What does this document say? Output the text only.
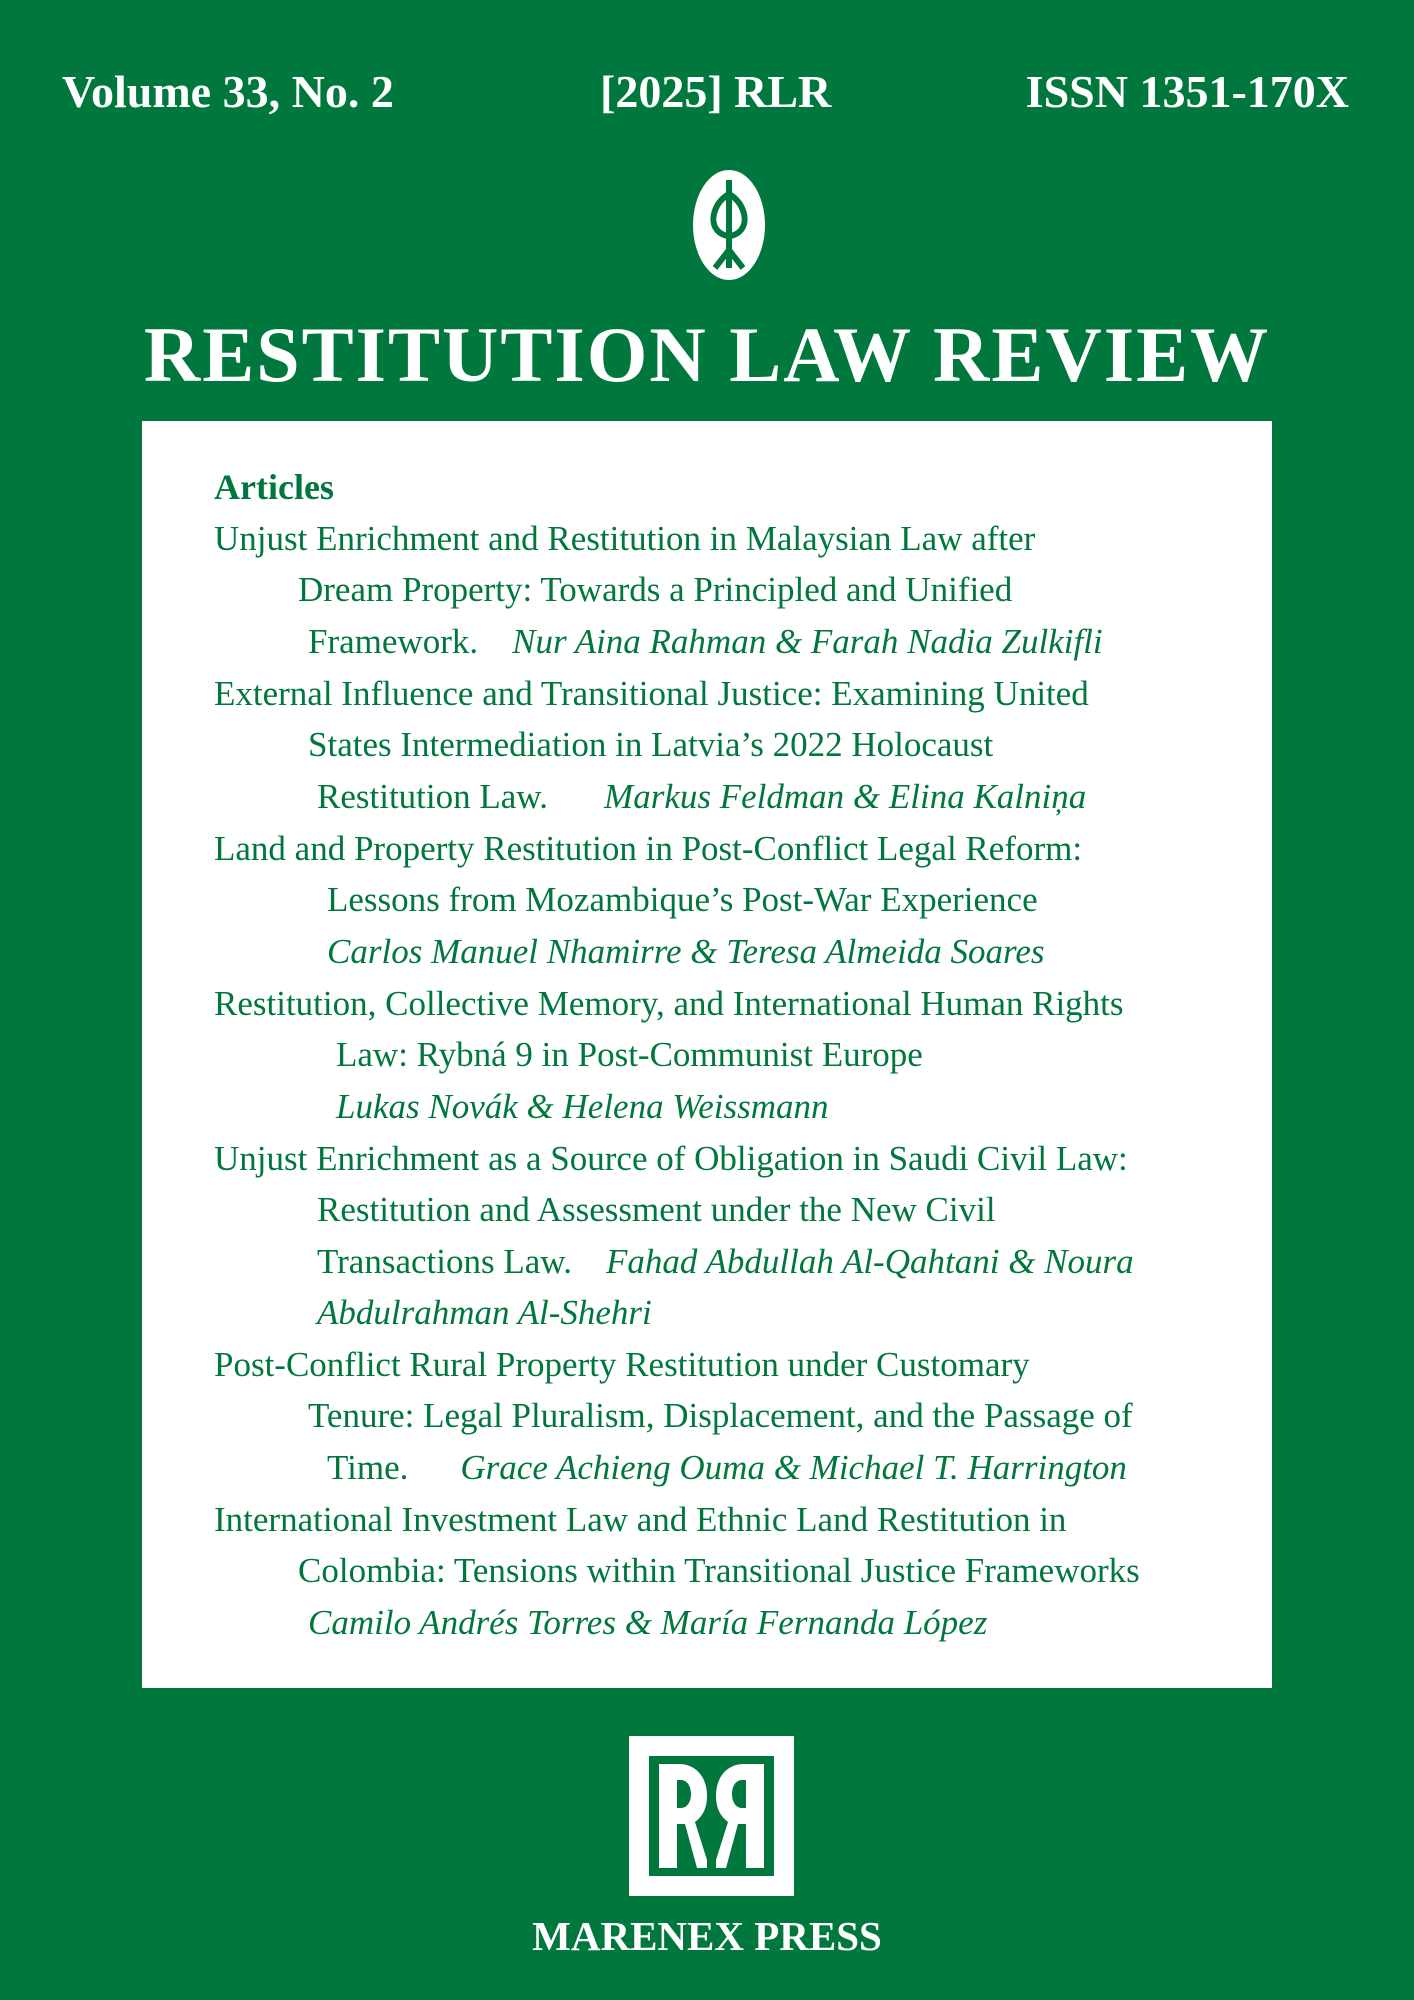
Volume 33, No. 2	[2025] RLR	ISSN 1351-170X
RESTITUTION LAW REVIEW
Articles
Unjust Enrichment and Restitution in Malaysian Law after
Dream Property: Towards a Principled and Unified
Framework. Nur Aina Rahman & Farah Nadia Zulkifli
External Influence and Transitional Justice: Examining United
States Intermediation in Latvia’s 2022 Holocaust
Restitution Law. Markus Feldman & Elina Kalniņa
Land and Property Restitution in Post-Conflict Legal Reform:
Lessons from Mozambique’s Post-War Experience
Carlos Manuel Nhamirre & Teresa Almeida Soares
Restitution, Collective Memory, and International Human Rights
Law: Rybná 9 in Post-Communist Europe
Lukas Novák & Helena Weissmann
Unjust Enrichment as a Source of Obligation in Saudi Civil Law:
Restitution and Assessment under the New Civil
Transactions Law. Fahad Abdullah Al-Qahtani & Noura
Abdulrahman Al-Shehri
Post-Conflict Rural Property Restitution under Customary
Tenure: Legal Pluralism, Displacement, and the Passage of
Time. Grace Achieng Ouma & Michael T. Harrington
International Investment Law and Ethnic Land Restitution in
Colombia: Tensions within Transitional Justice Frameworks
Camilo Andrés Torres & María Fernanda López
MARENEX PRESS
